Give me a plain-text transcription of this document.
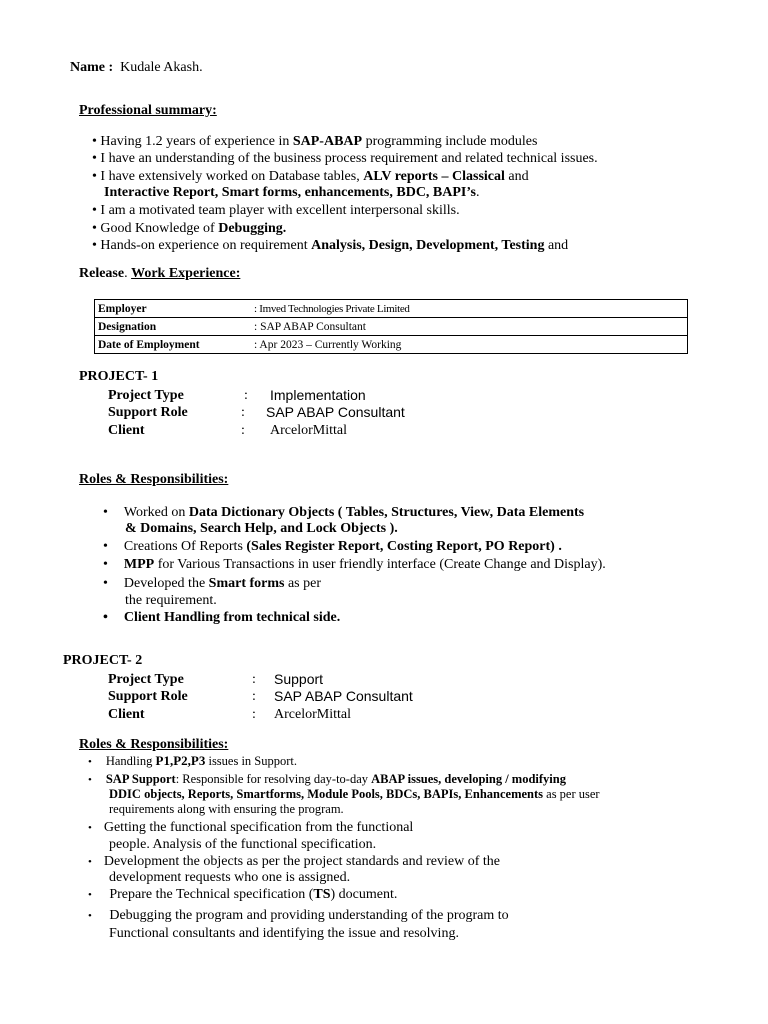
Name : Kudale Akash.
Professional summary:
• Having 1.2 years of experience in SAP-ABAP programming include modules
• I have an understanding of the business process requirement and related technical issues.
• I have extensively worked on Database tables, ALV reports – Classical and
Interactive Report, Smart forms, enhancements, BDC, BAPI’s.
• I am a motivated team player with excellent interpersonal skills.
• Good Knowledge of Debugging.
• Hands-on experience on requirement Analysis, Design, Development, Testing and
Release. Work Experience:
Employer	: Imved Technologies Private Limited
Designation	: SAP ABAP Consultant
Date of Employment	: Apr 2023 – Currently Working
PROJECT- 1
Project Type	: Implementation
Support Role	: SAP ABAP Consultant
Client	: ArcelorMittal
Roles & Responsibilities:
• Worked on Data Dictionary Objects ( Tables, Structures, View, Data Elements
& Domains, Search Help, and Lock Objects ).
• Creations Of Reports (Sales Register Report, Costing Report, PO Report) .
• MPP for Various Transactions in user friendly interface (Create Change and Display).
• Developed the Smart forms as per
the requirement.
• Client Handling from technical side.
PROJECT- 2
Project Type	: Support
Support Role	: SAP ABAP Consultant
Client	: ArcelorMittal
Roles & Responsibilities:
• Handling P1,P2,P3 issues in Support.
• SAP Support: Responsible for resolving day-to-day ABAP issues, developing / modifying
DDIC objects, Reports, Smartforms, Module Pools, BDCs, BAPIs, Enhancements as per user
requirements along with ensuring the program.
• Getting the functional specification from the functional
people. Analysis of the functional specification.
• Development the objects as per the project standards and review of the
development requests who one is assigned.
•  Prepare the Technical specification (TS) document.
•  Debugging the program and providing understanding of the program to
Functional consultants and identifying the issue and resolving.
